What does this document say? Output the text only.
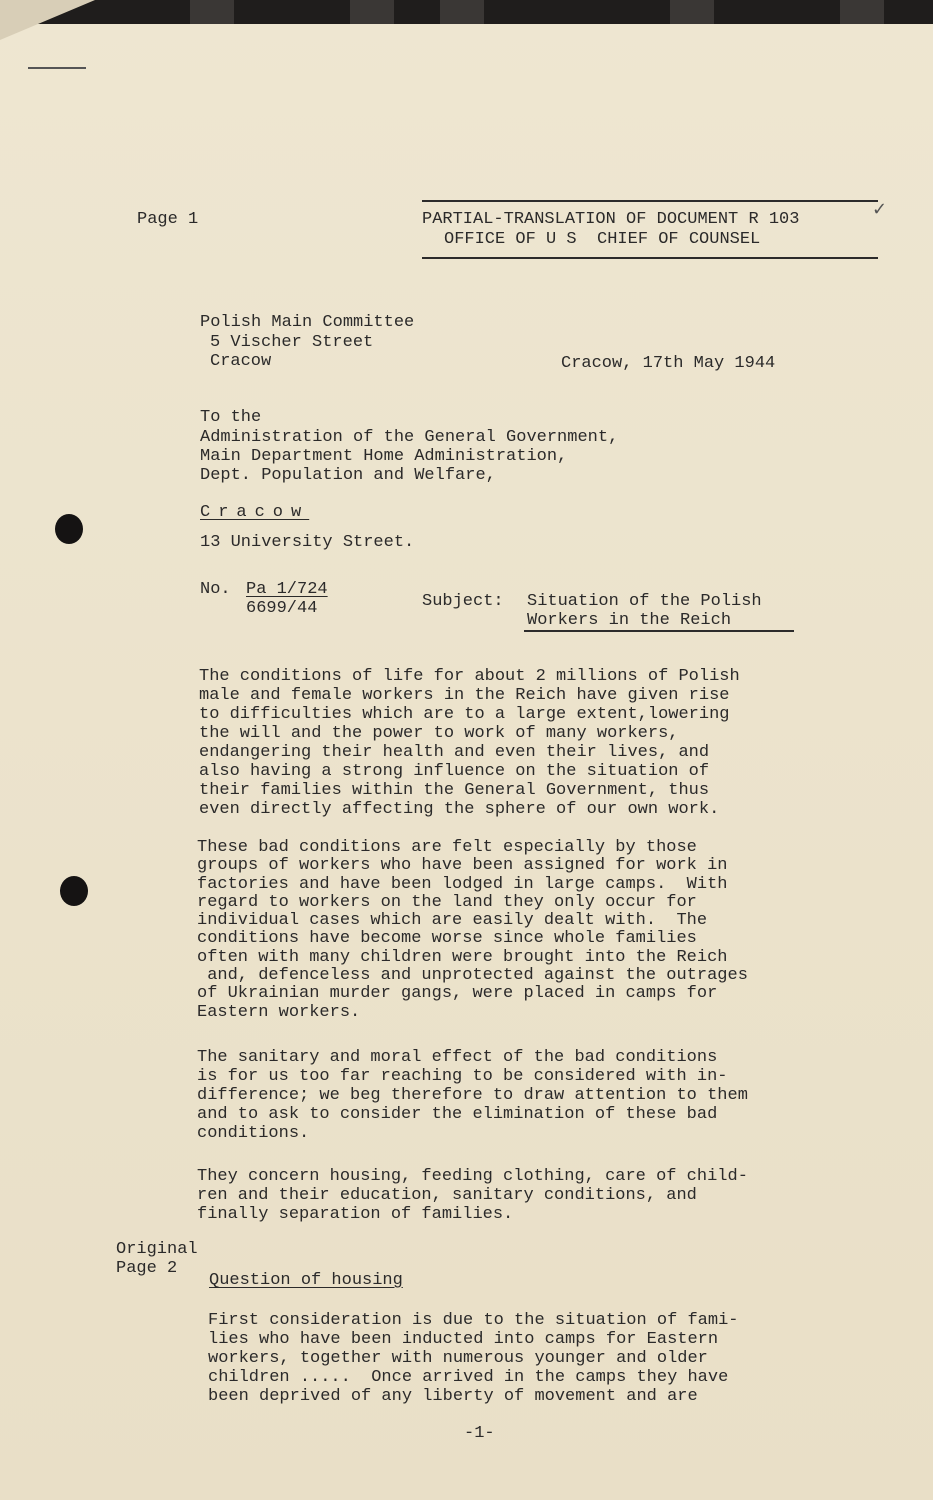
Page 1	PARTIAL-TRANSLATION OF DOCUMENT R 103

OFFICE OF U S  CHIEF OF COUNSEL

✓

Polish Main Committee

5 Vischer Street

Cracow	Cracow, 17th May 1944

To the

Administration of the General Government,

Main Department Home Administration,

Dept. Population and Welfare,

Cracow

13 University Street.

No. Pa 1/724

6699/44	Subject: Situation of the Polish

Workers in the Reich

The conditions of life for about 2 millions of Polish
male and female workers in the Reich have given rise
to difficulties which are to a large extent,lowering
the will and the power to work of many workers,
endangering their health and even their lives, and
also having a strong influence on the situation of
their families within the General Government, thus
even directly affecting the sphere of our own work.

These bad conditions are felt especially by those
groups of workers who have been assigned for work in
factories and have been lodged in large camps.  With
regard to workers on the land they only occur for
individual cases which are easily dealt with.  The
conditions have become worse since whole families
often with many children were brought into the Reich
and, defenceless and unprotected against the outrages
of Ukrainian murder gangs, were placed in camps for
Eastern workers.

The sanitary and moral effect of the bad conditions
is for us too far reaching to be considered with in-
difference; we beg therefore to draw attention to them
and to ask to consider the elimination of these bad
conditions.

They concern housing, feeding clothing, care of child-
ren and their education, sanitary conditions, and
finally separation of families.

Original

Page 2

Question of housing

First consideration is due to the situation of fami-
lies who have been inducted into camps for Eastern
workers, together with numerous younger and older
children .....  Once arrived in the camps they have
been deprived of any liberty of movement and are

-1-
